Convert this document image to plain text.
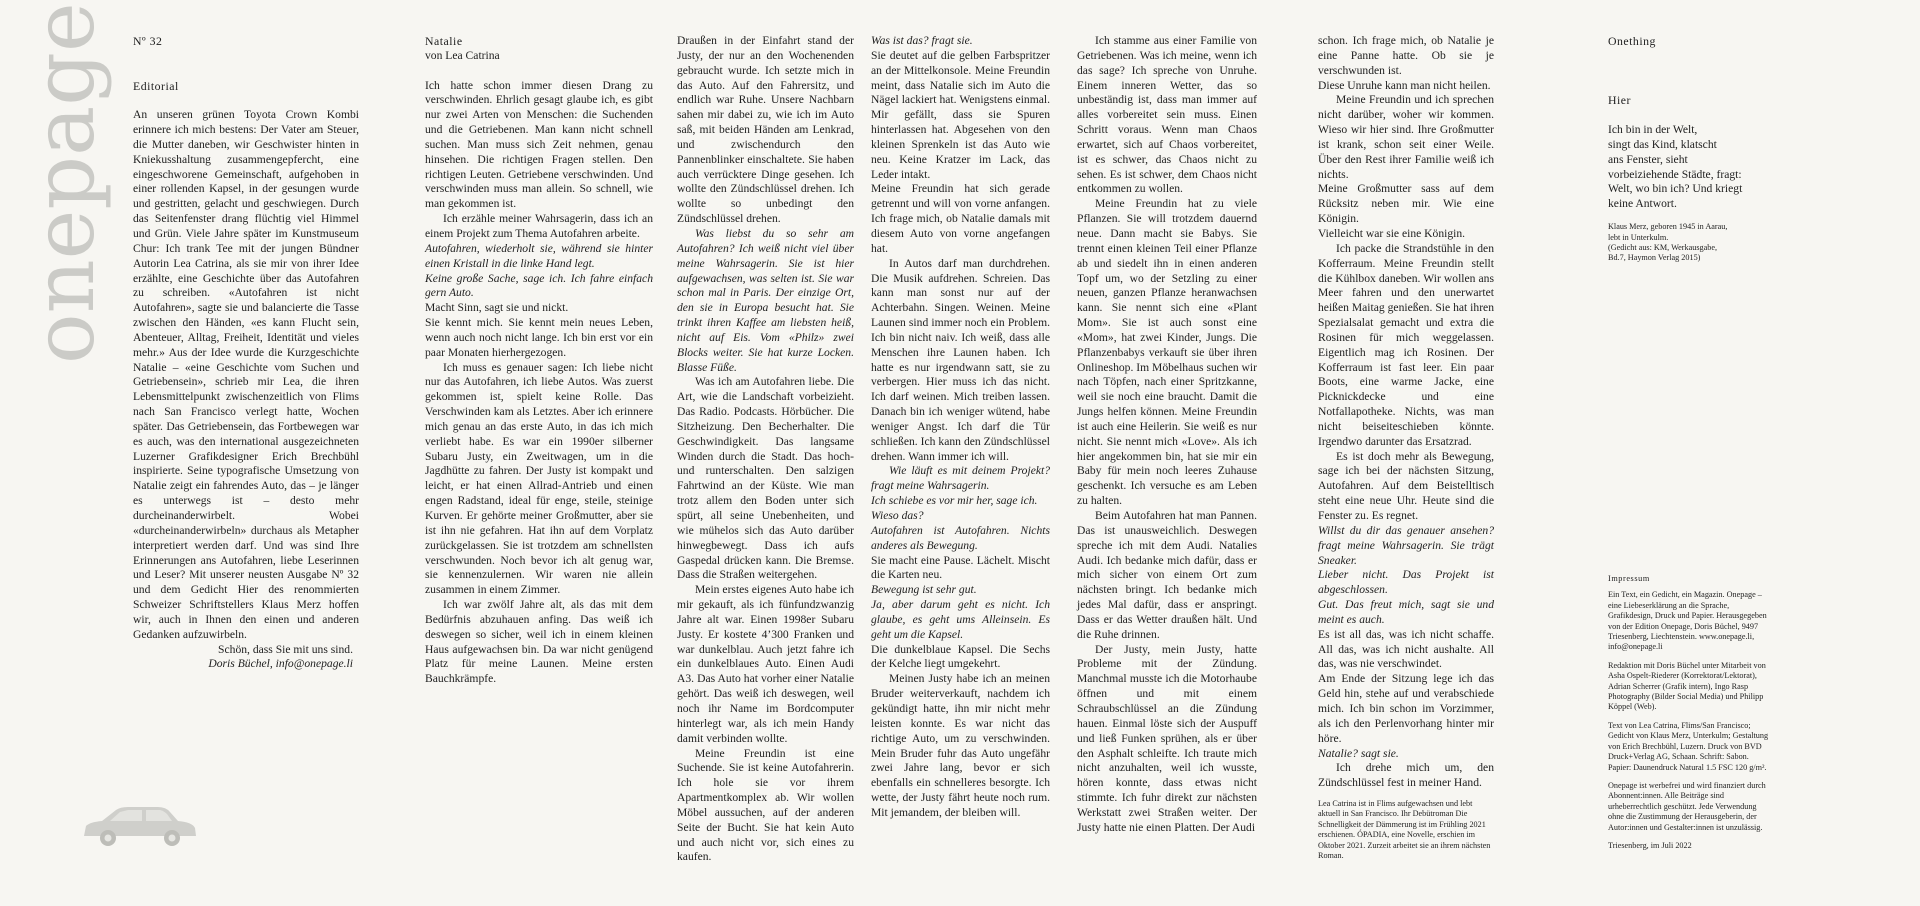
onepage Nº 32

Editorial

An unseren grünen Toyota Crown Kombi erinnere ich mich bestens: Der Vater am Steuer, die Mutter daneben, wir Geschwister hinten in Kniekusshaltung zusammengepfercht, eine eingeschworene Gemeinschaft, aufgehoben in einer rollenden Kapsel, in der gesungen wurde und gestritten, gelacht und geschwiegen. Durch das Seitenfenster drang flüchtig viel Himmel und Grün. Viele Jahre später im Kunstmuseum Chur: Ich trank Tee mit der jungen Bündner Autorin Lea Catrina, als sie mir von ihrer Idee erzählte, eine Geschichte über das Autofahren zu schreiben. «Autofahren ist nicht Autofahren», sagte sie und balancierte die Tasse zwischen den Händen, «es kann Flucht sein, Abenteuer, Alltag, Freiheit, Identität und vieles mehr.» Aus der Idee wurde die Kurzgeschichte Natalie – «eine Geschichte vom Suchen und Getriebensein», schrieb mir Lea, die ihren Lebensmittelpunkt zwischenzeitlich von Flims nach San Francisco verlegt hatte, Wochen später. Das Getriebensein, das Fortbewegen war es auch, was den international ausgezeichneten Luzerner Grafikdesigner Erich Brechbühl inspirierte. Seine typografische Umsetzung von Natalie zeigt ein fahrendes Auto, das – je länger es unterwegs ist – desto mehr durcheinanderwirbelt. Wobei «durcheinanderwirbeln» durchaus als Metapher interpretiert werden darf. Und was sind Ihre Erinnerungen ans Autofahren, liebe Leserinnen und Leser? Mit unserer neusten Ausgabe Nº 32 und dem Gedicht Hier des renommierten Schweizer Schriftstellers Klaus Merz hoffen wir, auch in Ihnen den einen und anderen Gedanken aufzuwirbeln.

Schön, dass Sie mit uns sind.

Doris Büchel, info@onepage.li

Natalie

von Lea Catrina

Ich hatte schon immer diesen Drang zu verschwinden. Ehrlich gesagt glaube ich, es gibt nur zwei Arten von Menschen: die Suchenden und die Getriebenen. Man kann nicht schnell suchen. Man muss sich Zeit nehmen, genau hinsehen. Die richtigen Fragen stellen. Den richtigen Leuten. Getriebene verschwinden. Und verschwinden muss man allein. So schnell, wie man gekommen ist.

Ich erzähle meiner Wahrsagerin, dass ich an einem Projekt zum Thema Autofahren arbeite.

Autofahren, wiederholt sie, während sie hinter einen Kristall in die linke Hand legt.

Keine große Sache, sage ich. Ich fahre einfach gern Auto.

Macht Sinn, sagt sie und nickt.

Sie kennt mich. Sie kennt mein neues Leben, wenn auch noch nicht lange. Ich bin erst vor ein paar Monaten hierhergezogen.

Ich muss es genauer sagen: Ich liebe nicht nur das Autofahren, ich liebe Autos. Was zuerst gekommen ist, spielt keine Rolle. Das Verschwinden kam als Letztes. Aber ich erinnere mich genau an das erste Auto, in das ich mich verliebt habe. Es war ein 1990er silberner Subaru Justy, ein Zweitwagen, um in die Jagdhütte zu fahren. Der Justy ist kompakt und leicht, er hat einen Allrad-Antrieb und einen engen Radstand, ideal für enge, steile, steinige Kurven. Er gehörte meiner Großmutter, aber sie ist ihn nie gefahren. Hat ihn auf dem Vorplatz zurückgelassen. Sie ist trotzdem am schnellsten verschwunden. Noch bevor ich alt genug war, sie kennenzulernen. Wir waren nie allein zusammen in einem Zimmer.

Ich war zwölf Jahre alt, als das mit dem Bedürfnis abzuhauen anfing. Das weiß ich deswegen so sicher, weil ich in einem kleinen Haus aufgewachsen bin. Da war nicht genügend Platz für meine Launen. Meine ersten Bauchkrämpfe.

Draußen in der Einfahrt stand der Justy, der nur an den Wochenenden gebraucht wurde. Ich setzte mich in das Auto. Auf den Fahrersitz, und endlich war Ruhe. Unsere Nachbarn sahen mir dabei zu, wie ich im Auto saß, mit beiden Händen am Lenkrad, und zwischendurch den Pannenblinker einschaltete. Sie haben auch verrücktere Dinge gesehen. Ich wollte den Zündschlüssel drehen. Ich wollte so unbedingt den Zündschlüssel drehen.

Was liebst du so sehr am Autofahren? Ich weiß nicht viel über meine Wahrsagerin. Sie ist hier aufgewachsen, was selten ist. Sie war schon mal in Paris. Der einzige Ort, den sie in Europa besucht hat. Sie trinkt ihren Kaffee am liebsten heiß, nicht auf Eis. Vom «Philz» zwei Blocks weiter. Sie hat kurze Locken. Blasse Füße.

Was ich am Autofahren liebe. Die Art, wie die Landschaft vorbeizieht. Das Radio. Podcasts. Hörbücher. Die Sitzheizung. Den Becherhalter. Die Geschwindigkeit. Das langsame Winden durch die Stadt. Das hoch- und runterschalten. Den salzigen Fahrtwind an der Küste. Wie man trotz allem den Boden unter sich spürt, all seine Unebenheiten, und wie mühelos sich das Auto darüber hinwegbewegt. Dass ich aufs Gaspedal drücken kann. Die Bremse. Dass die Straßen weitergehen.

Mein erstes eigenes Auto habe ich mir gekauft, als ich fünfundzwanzig Jahre alt war. Einen 1998er Subaru Justy. Er kostete 4’300 Franken und war dunkelblau. Auch jetzt fahre ich ein dunkelblaues Auto. Einen Audi A3. Das Auto hat vorher einer Natalie gehört. Das weiß ich deswegen, weil noch ihr Name im Bordcomputer hinterlegt war, als ich mein Handy damit verbinden wollte.

Meine Freundin ist eine Suchende. Sie ist keine Autofahrerin. Ich hole sie vor ihrem Apartmentkomplex ab. Wir wollen Möbel aussuchen, auf der anderen Seite der Bucht. Sie hat kein Auto und auch nicht vor, sich eines zu kaufen.

Was ist das? fragt sie.

Sie deutet auf die gelben Farbspritzer an der Mittelkonsole. Meine Freundin meint, dass Natalie sich im Auto die Nägel lackiert hat. Wenigstens einmal. Mir gefällt, dass sie Spuren hinterlassen hat. Abgesehen von den kleinen Sprenkeln ist das Auto wie neu. Keine Kratzer im Lack, das Leder intakt.

Meine Freundin hat sich gerade getrennt und will von vorne anfangen. Ich frage mich, ob Natalie damals mit diesem Auto von vorne angefangen hat.

In Autos darf man durchdrehen. Die Musik aufdrehen. Schreien. Das kann man sonst nur auf der Achterbahn. Singen. Weinen. Meine Launen sind immer noch ein Problem. Ich bin nicht naiv. Ich weiß, dass alle Menschen ihre Launen haben. Ich hatte es nur irgendwann satt, sie zu verbergen. Hier muss ich das nicht. Ich darf weinen. Mich treiben lassen. Danach bin ich weniger wütend, habe weniger Angst. Ich darf die Tür schließen. Ich kann den Zündschlüssel drehen. Wann immer ich will.

Wie läuft es mit deinem Projekt? fragt meine Wahrsagerin.

Ich schiebe es vor mir her, sage ich.

Wieso das?

Autofahren ist Autofahren. Nichts anderes als Bewegung.

Sie macht eine Pause. Lächelt. Mischt die Karten neu.

Bewegung ist sehr gut.

Ja, aber darum geht es nicht. Ich glaube, es geht ums Alleinsein. Es geht um die Kapsel.

Die dunkelblaue Kapsel. Die Sechs der Kelche liegt umgekehrt.

Meinen Justy habe ich an meinen Bruder weiterverkauft, nachdem ich gekündigt hatte, ihn mir nicht mehr leisten konnte. Es war nicht das richtige Auto, um zu verschwinden. Mein Bruder fuhr das Auto ungefähr zwei Jahre lang, bevor er sich ebenfalls ein schnelleres besorgte. Ich wette, der Justy fährt heute noch rum. Mit jemandem, der bleiben will.

Ich stamme aus einer Familie von Getriebenen. Was ich meine, wenn ich das sage? Ich spreche von Unruhe. Einem inneren Wetter, das so unbeständig ist, dass man immer auf alles vorbereitet sein muss. Einen Schritt voraus. Wenn man Chaos erwartet, sich auf Chaos vorbereitet, ist es schwer, das Chaos nicht zu sehen. Es ist schwer, dem Chaos nicht entkommen zu wollen.

Meine Freundin hat zu viele Pflanzen. Sie will trotzdem dauernd neue. Dann macht sie Babys. Sie trennt einen kleinen Teil einer Pflanze ab und siedelt ihn in einen anderen Topf um, wo der Setzling zu einer neuen, ganzen Pflanze heranwachsen kann. Sie nennt sich eine «Plant Mom». Sie ist auch sonst eine «Mom», hat zwei Kinder, Jungs. Die Pflanzenbabys verkauft sie über ihren Onlineshop. Im Möbelhaus suchen wir nach Töpfen, nach einer Spritzkanne, weil sie noch eine braucht. Damit die Jungs helfen können. Meine Freundin ist auch eine Heilerin. Sie weiß es nur nicht. Sie nennt mich «Love». Als ich hier angekommen bin, hat sie mir ein Baby für mein noch leeres Zuhause geschenkt. Ich versuche es am Leben zu halten.

Beim Autofahren hat man Pannen. Das ist unausweichlich. Deswegen spreche ich mit dem Audi. Natalies Audi. Ich bedanke mich dafür, dass er mich sicher von einem Ort zum nächsten bringt. Ich bedanke mich jedes Mal dafür, dass er anspringt. Dass er das Wetter draußen hält. Und die Ruhe drinnen.

Der Justy, mein Justy, hatte Probleme mit der Zündung. Manchmal musste ich die Motorhaube öffnen und mit einem Schraubschlüssel an die Zündung hauen. Einmal löste sich der Auspuff und ließ Funken sprühen, als er über den Asphalt schleifte. Ich traute mich nicht anzuhalten, weil ich wusste, hören konnte, dass etwas nicht stimmte. Ich fuhr direkt zur nächsten Werkstatt zwei Straßen weiter. Der Justy hatte nie einen Platten. Der Audi

schon. Ich frage mich, ob Natalie je eine Panne hatte. Ob sie je verschwunden ist.

Diese Unruhe kann man nicht heilen.

Meine Freundin und ich sprechen nicht darüber, woher wir kommen. Wieso wir hier sind. Ihre Großmutter ist krank, schon seit einer Weile. Über den Rest ihrer Familie weiß ich nichts.

Meine Großmutter sass auf dem Rücksitz neben mir. Wie eine Königin.

Vielleicht war sie eine Königin.

Ich packe die Strandstühle in den Kofferraum. Meine Freundin stellt die Kühlbox daneben. Wir wollen ans Meer fahren und den unerwartet heißen Maitag genießen. Sie hat ihren Spezialsalat gemacht und extra die Rosinen für mich weggelassen. Eigentlich mag ich Rosinen. Der Kofferraum ist fast leer. Ein paar Boots, eine warme Jacke, eine Picknickdecke und eine Notfallapotheke. Nichts, was man nicht beiseiteschieben könnte. Irgendwo darunter das Ersatzrad.

Es ist doch mehr als Bewegung, sage ich bei der nächsten Sitzung, Autofahren. Auf dem Beistelltisch steht eine neue Uhr. Heute sind die Fenster zu. Es regnet.

Willst du dir das genauer ansehen? fragt meine Wahrsagerin. Sie trägt Sneaker.

Lieber nicht. Das Projekt ist abgeschlossen.

Gut. Das freut mich, sagt sie und meint es auch.

Es ist all das, was ich nicht schaffe. All das, was ich nicht aushalte. All das, was nie verschwindet.

Am Ende der Sitzung lege ich das Geld hin, stehe auf und verabschiede mich. Ich bin schon im Vorzimmer, als ich den Perlenvorhang hinter mir höre.

Natalie? sagt sie.

Ich drehe mich um, den Zündschlüssel fest in meiner Hand.

Lea Catrina ist in Flims aufgewachsen und lebt aktuell in San Francisco. Ihr Debütroman Die Schnelligkeit der Dämmerung ist im Frühling 2021 erschienen. ÓPADIA, eine Novelle, erschien im Oktober 2021. Zurzeit arbeitet sie an ihrem nächsten Roman.

Onething

Hier

Ich bin in der Welt,

singt das Kind, klatscht

ans Fenster, sieht

vorbeiziehende Städte, fragt:

Welt, wo bin ich? Und kriegt

keine Antwort.

Klaus Merz, geboren 1945 in Aarau,

lebt in Unterkulm.

(Gedicht aus: KM, Werkausgabe,

Bd.7, Haymon Verlag 2015)

Impressum

Ein Text, ein Gedicht, ein Magazin. Onepage – eine Liebeserklärung an die Sprache, Grafikdesign, Druck und Papier. Herausgegeben von der Edition Onepage, Doris Büchel, 9497 Triesenberg, Liechtenstein. www.onepage.li, info@onepage.li

Redaktion mit Doris Büchel unter Mitarbeit von Asha Ospelt-Riederer (Korrektorat/Lektorat), Adrian Scherrer (Grafik intern), Ingo Rasp Photography (Bilder Social Media) und Philipp Köppel (Web).

Text von Lea Catrina, Flims/San Francisco; Gedicht von Klaus Merz, Unterkulm; Gestaltung von Erich Brechbühl, Luzern. Druck von BVD Druck+Verlag AG, Schaan. Schrift: Sabon. Papier: Daunendruck Natural 1.5 FSC 120 g/m².

Onepage ist werbefrei und wird finanziert durch Abonnent:innen. Alle Beiträge sind urheberrechtlich geschützt. Jede Verwendung ohne die Zustimmung der Herausgeberin, der Autor:innen und Gestalter:innen ist unzulässig.

Triesenberg, im Juli 2022
